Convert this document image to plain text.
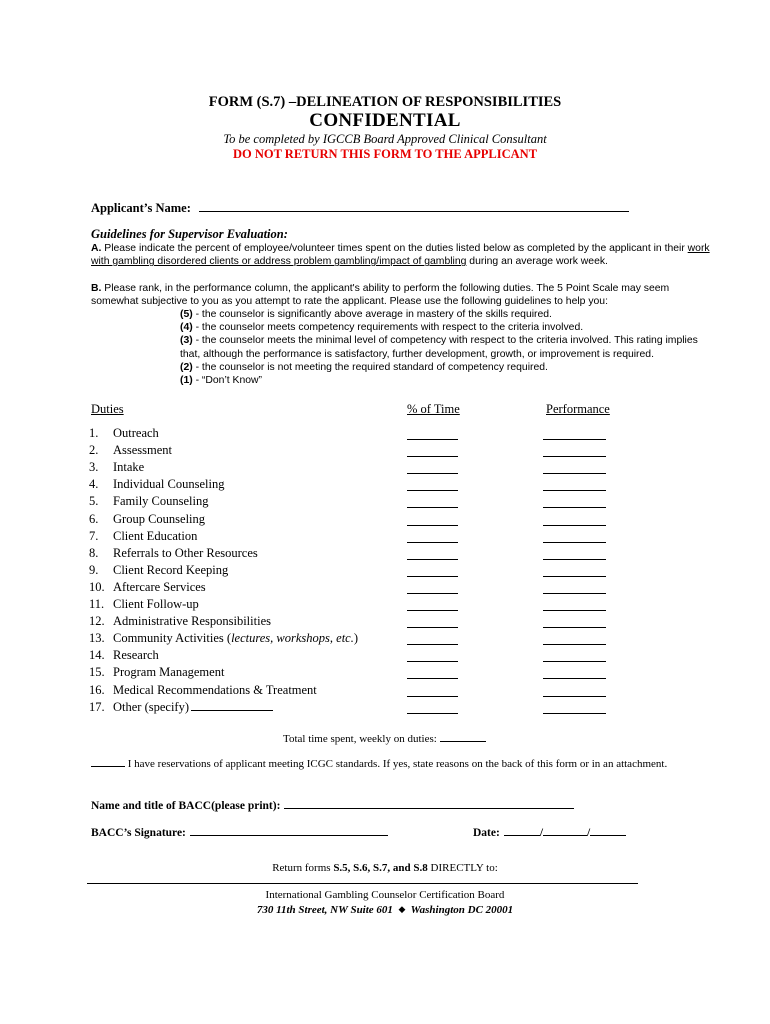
FORM (S.7) –DELINEATION OF RESPONSIBILITIES
CONFIDENTIAL
To be completed by IGCCB Board Approved Clinical Consultant
DO NOT RETURN THIS FORM TO THE APPLICANT
Applicant’s Name:
Guidelines for Supervisor Evaluation:
A. Please indicate the percent of employee/volunteer times spent on the duties listed below as completed by the applicant in their work
with gambling disordered clients or address problem gambling/impact of gambling during an average work week.
B. Please rank, in the performance column, the applicant's ability to perform the following duties. The 5 Point Scale may seem
somewhat subjective to you as you attempt to rate the applicant. Please use the following guidelines to help you:
(5) - the counselor is significantly above average in mastery of the skills required.
(4) - the counselor meets competency requirements with respect to the criteria involved.
(3) - the counselor meets the minimal level of competency with respect to the criteria involved. This rating implies
that, although the performance is satisfactory, further development, growth, or improvement is required.
(2) - the counselor is not meeting the required standard of competency required.
(1) - “Don’t Know”
Duties	% of Time	Performance
1.	Outreach
2.	Assessment
3.	Intake
4.	Individual Counseling
5.	Family Counseling
6.	Group Counseling
7.	Client Education
8.	Referrals to Other Resources
9.	Client Record Keeping
10. Aftercare Services
11. Client Follow-up
12. Administrative Responsibilities
13. Community Activities (lectures, workshops, etc.)
14. Research
15. Program Management
16. Medical Recommendations & Treatment
17. Other (specify)
Total time spent, weekly on duties:
I have reservations of applicant meeting ICGC standards. If yes, state reasons on the back of this form or in an attachment.
Name and title of BACC(please print):
BACC’s Signature:	Date:	/	/
Return forms S.5, S.6, S.7, and S.8 DIRECTLY to:
International Gambling Counselor Certification Board
730 11th Street, NW Suite 601 ◆ Washington DC 20001
